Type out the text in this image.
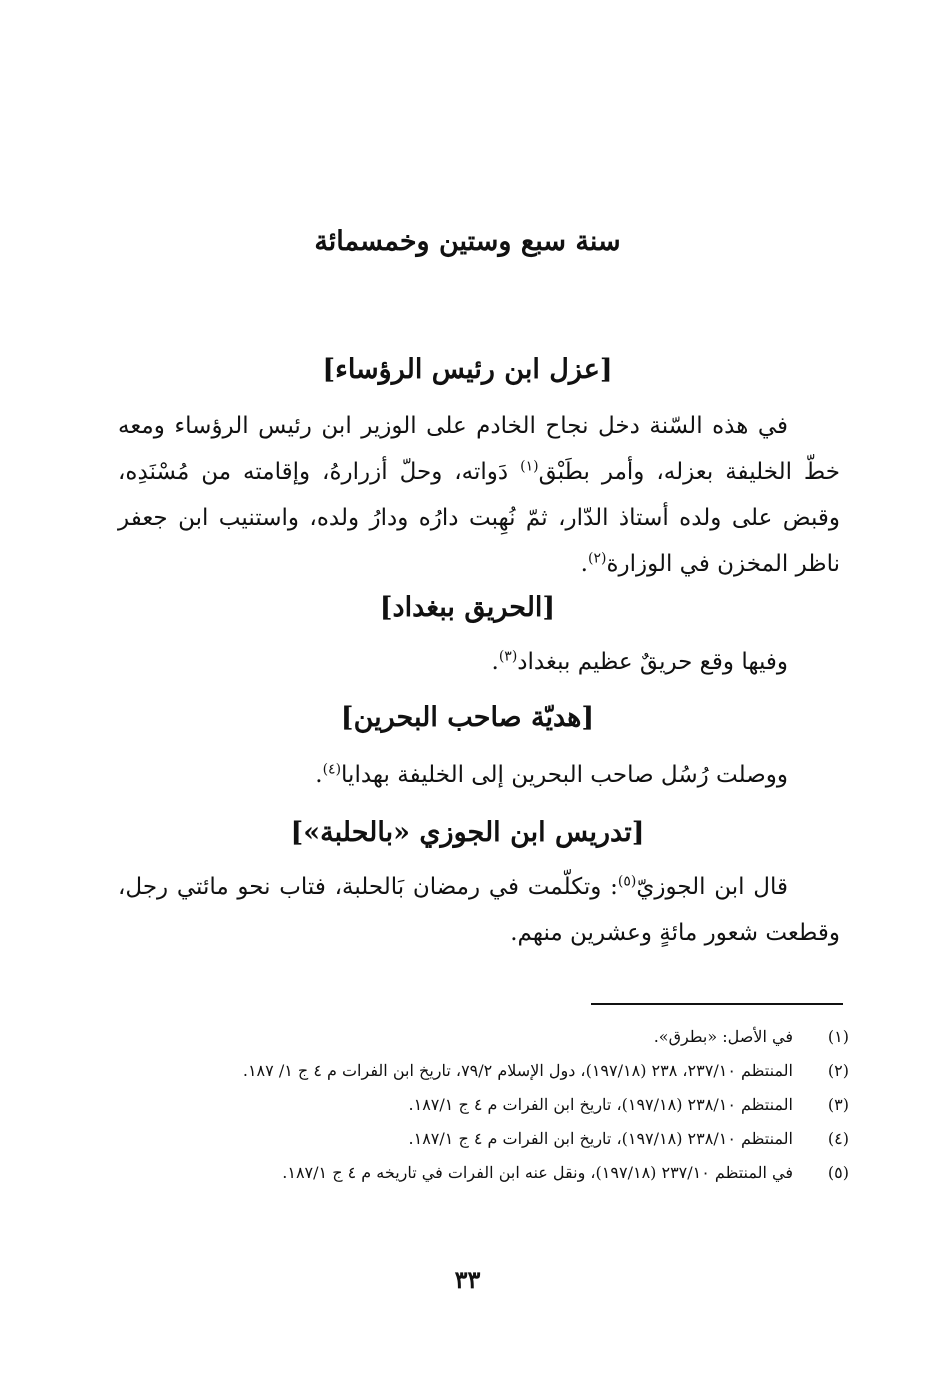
سنة سبع وستين وخمسمائة
[عزل ابن رئيس الرؤساء]
في هذه السّنة دخل نجاح الخادم على الوزير ابن رئيس الرؤساء ومعه خطّ الخليفة بعزله، وأمر بطَبْق$^{(١)}$ دَواته، وحلّ أزرارهُ، وإقامته من مُسْنَدِه، وقبض على ولده أستاذ الدّار، ثمّ نُهِبت دارُه ودارُ ولده، واستنيب ابن جعفر ناظر المخزن في الوزارة$^{(٢)}$.
[الحريق ببغداد]
وفيها وقع حريقٌ عظيم ببغداد$^{(٣)}$.
[هديّة صاحب البحرين]
ووصلت رُسُل صاحب البحرين إلى الخليفة بهدايا$^{(٤)}$.
[تدريس ابن الجوزي «بالحلبة»]
قال ابن الجوزيّ$^{(٥)}$: وتكلّمت في رمضان بَالحلبة، فتاب نحو مائتي رجل، وقطعت شعور مائةٍ وعشرين منهم.
(١)
في الأصل: «بطرق».
(٢)
المنتظم ٢٣٧/١٠، ٢٣٨ (١٩٧/١٨)، دول الإسلام ٧٩/٢، تاريخ ابن الفرات م ٤ ج ١/ ١٨٧.
(٣)
المنتظم ٢٣٨/١٠ (١٩٧/١٨)، تاريخ ابن الفرات م ٤ ج ١٨٧/١.
(٤)
المنتظم ٢٣٨/١٠ (١٩٧/١٨)، تاريخ ابن الفرات م ٤ ج ١٨٧/١.
(٥)
في المنتظم ٢٣٧/١٠ (١٩٧/١٨)، ونقل عنه ابن الفرات في تاريخه م ٤ ج ١٨٧/١.
٣٣
